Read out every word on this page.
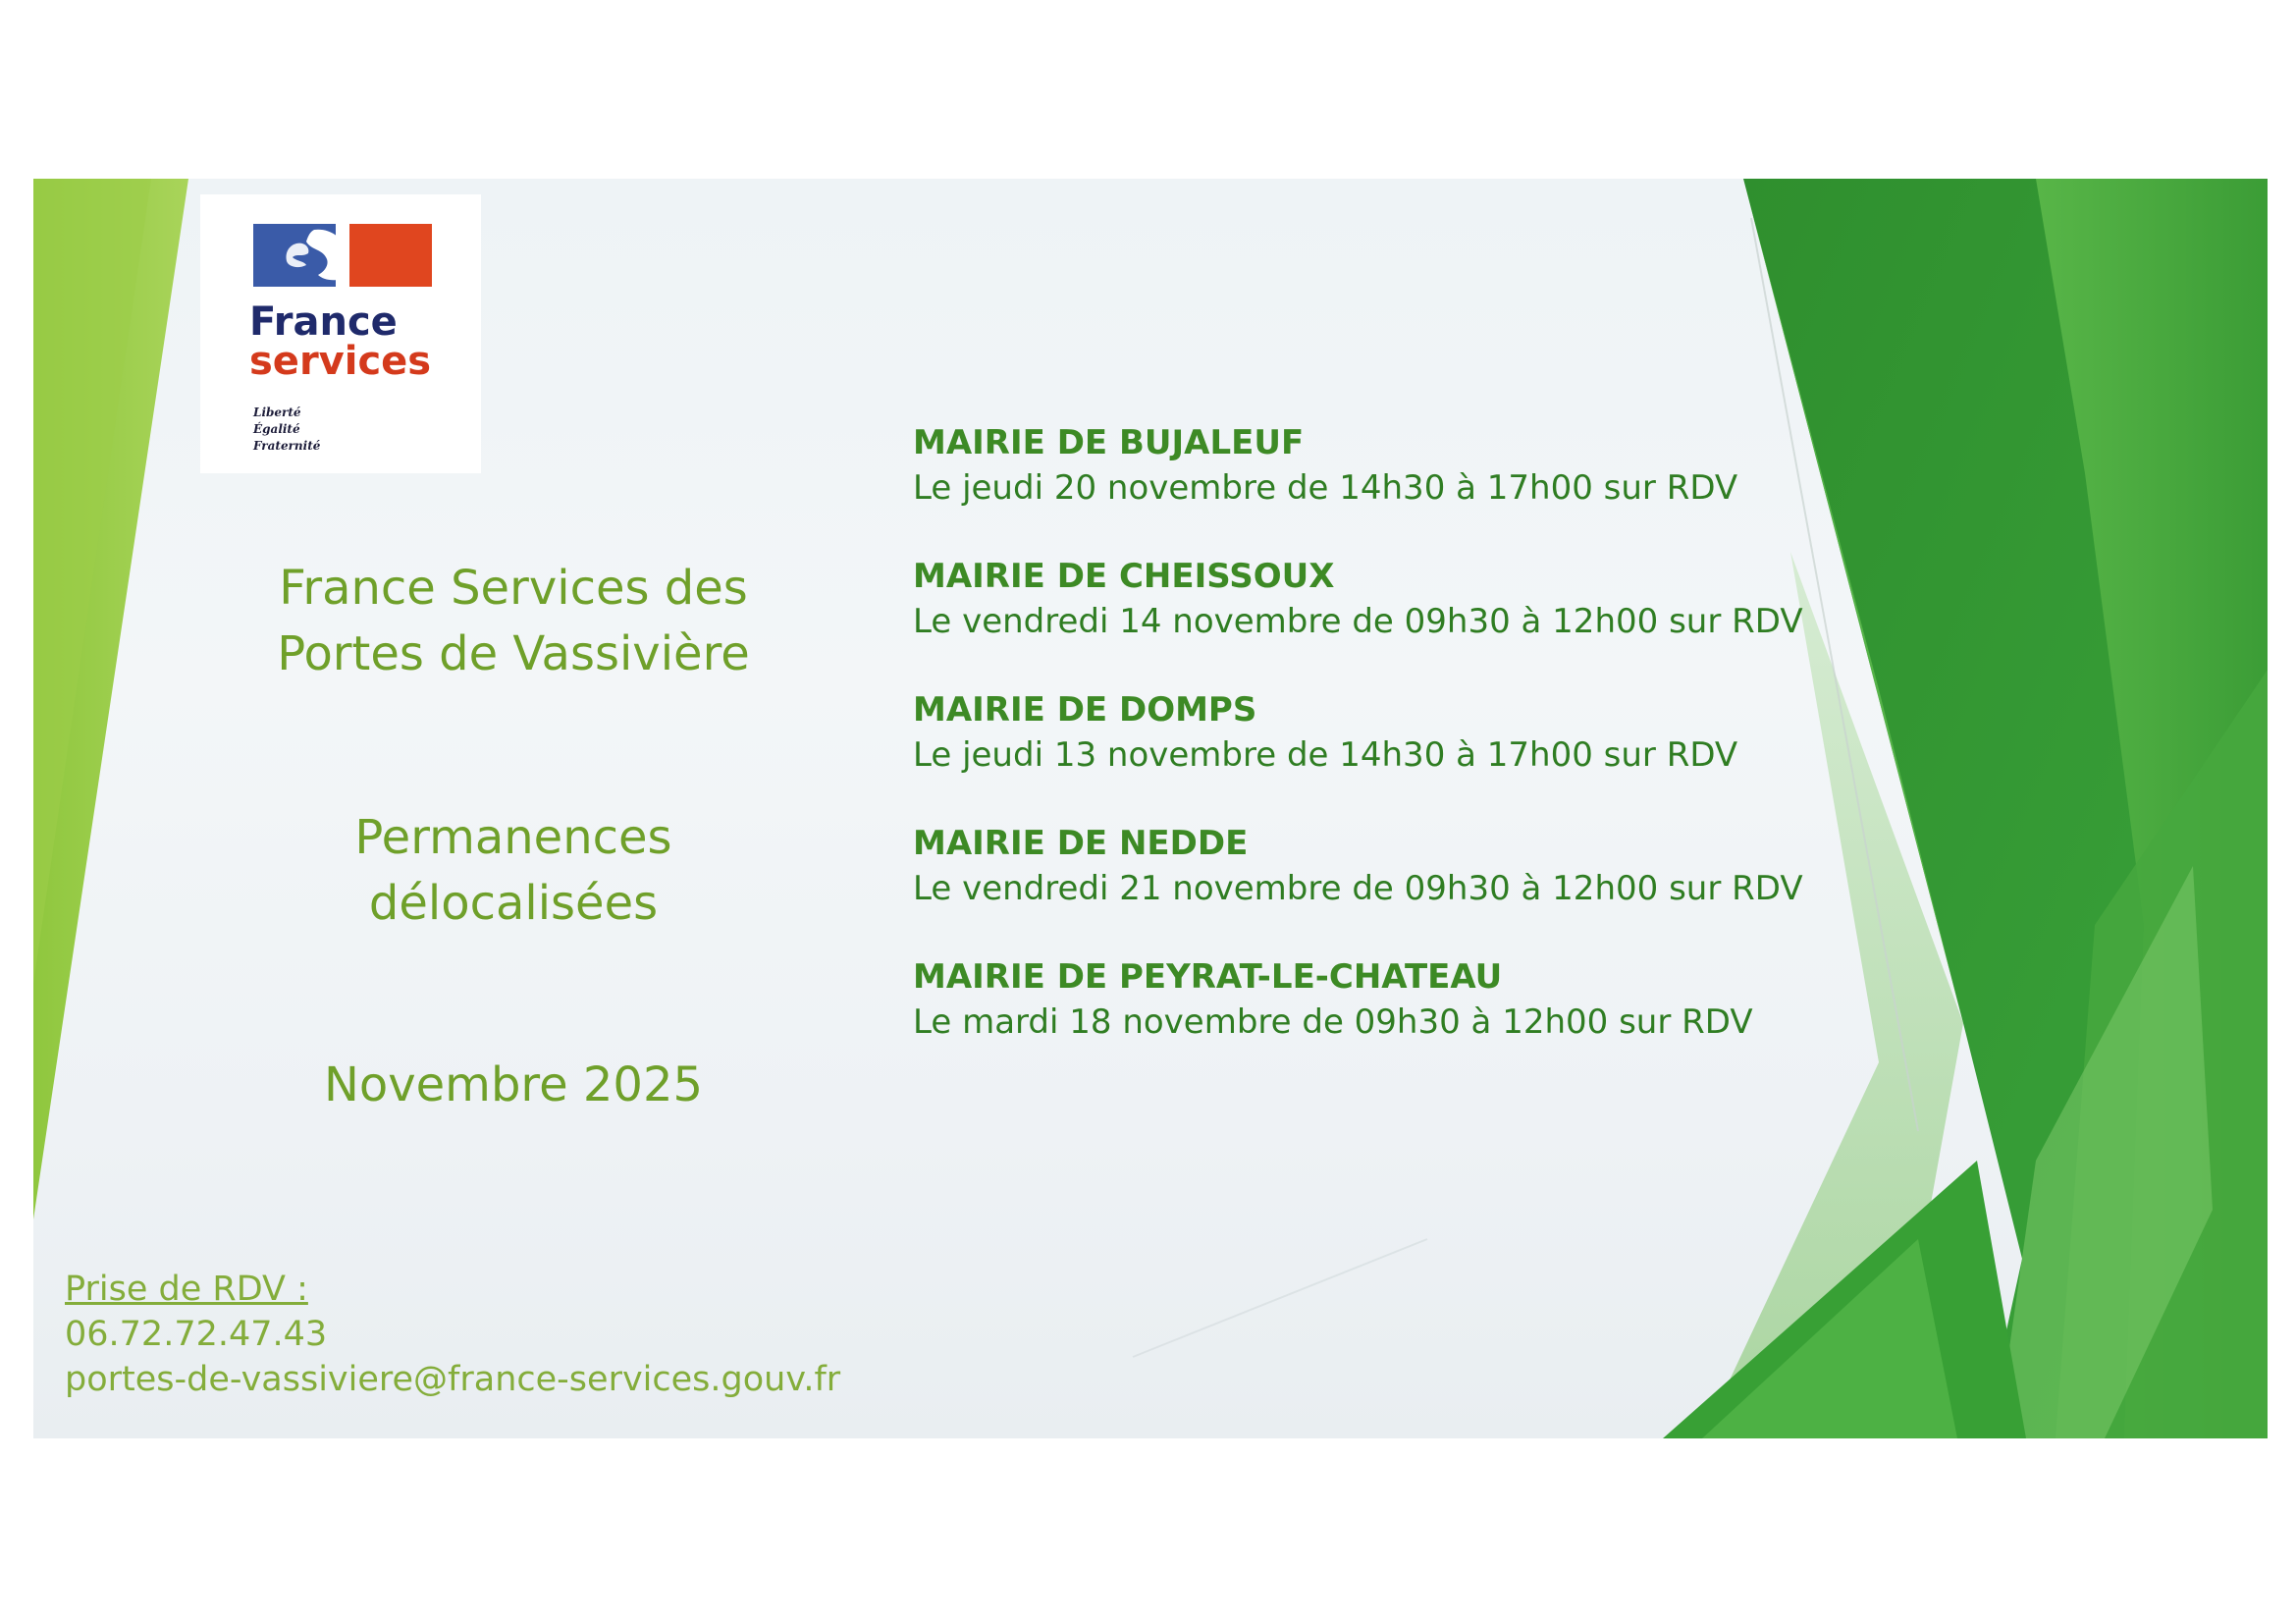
France
services
Liberté
Égalité
Fraternité
France Services des
Portes de Vassivière
Permanences
délocalisées
Novembre 2025
Prise de RDV :
06.72.72.47.43
portes-de-vassiviere@france-services.gouv.fr
MAIRIE DE BUJALEUF
Le jeudi 20 novembre de 14h30 à 17h00 sur RDV
MAIRIE DE CHEISSOUX
Le vendredi 14 novembre de 09h30 à 12h00 sur RDV
MAIRIE DE DOMPS
Le jeudi 13 novembre de 14h30 à 17h00 sur RDV
MAIRIE DE NEDDE
Le vendredi 21 novembre de 09h30 à 12h00 sur RDV
MAIRIE DE PEYRAT-LE-CHATEAU
Le mardi 18 novembre de 09h30 à 12h00 sur RDV
